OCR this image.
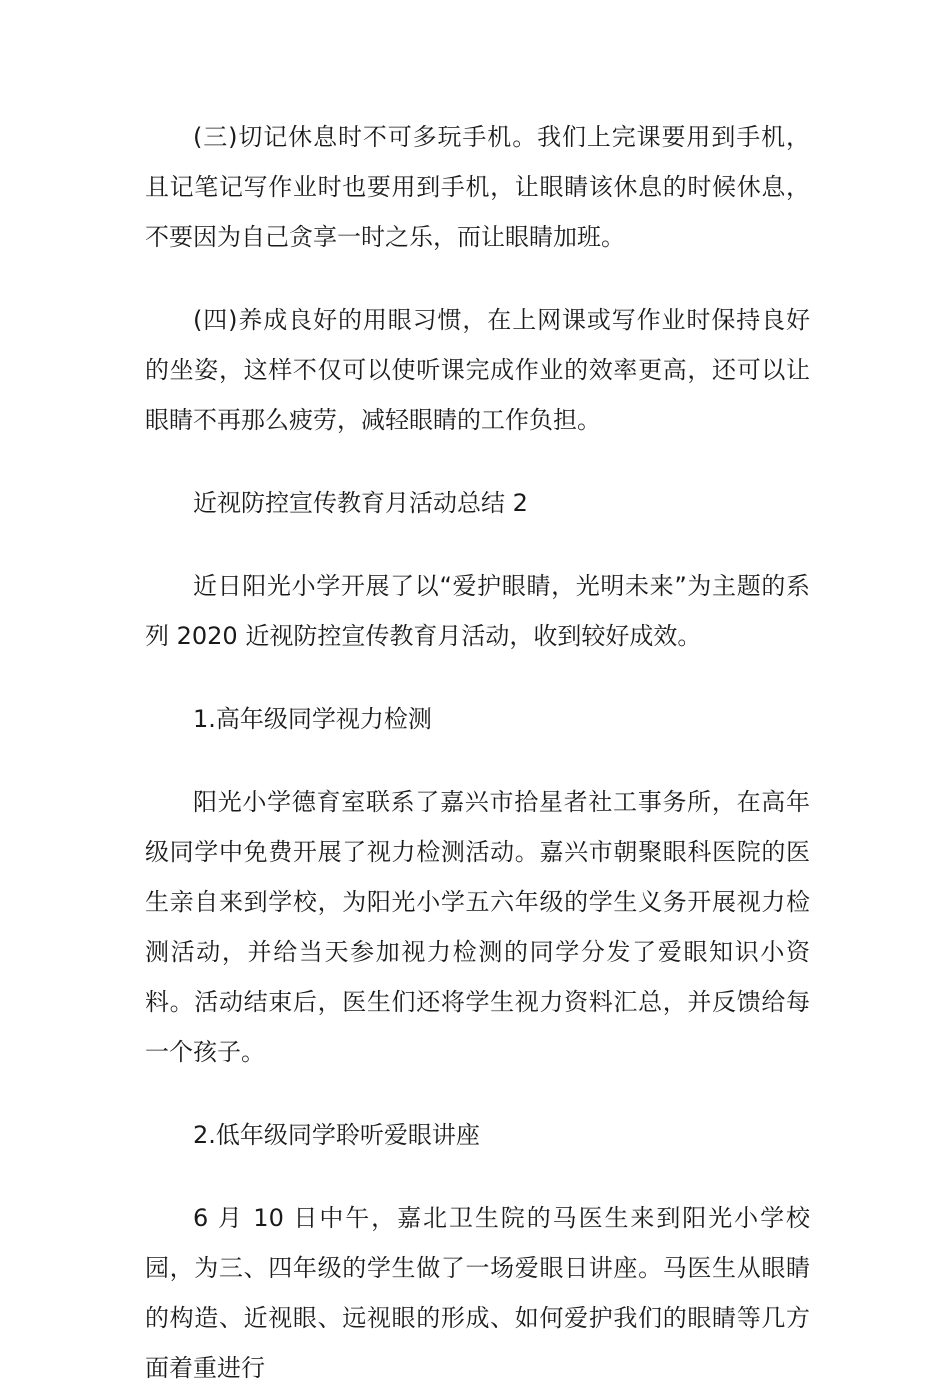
(三)切记休息时不可多玩手机。我们上完课要用到手机，且记笔记写作业时也要用到手机，让眼睛该休息的时候休息，不要因为自己贪享一时之乐，而让眼睛加班。

(四)养成良好的用眼习惯，在上网课或写作业时保持良好的坐姿，这样不仅可以使听课完成作业的效率更高，还可以让眼睛不再那么疲劳，减轻眼睛的工作负担。

近视防控宣传教育月活动总结 2

近日阳光小学开展了以“爱护眼睛，光明未来”为主题的系列 2020 近视防控宣传教育月活动，收到较好成效。

1.高年级同学视力检测

阳光小学德育室联系了嘉兴市拾星者社工事务所，在高年级同学中免费开展了视力检测活动。嘉兴市朝聚眼科医院的医生亲自来到学校，为阳光小学五六年级的学生义务开展视力检测活动，并给当天参加视力检测的同学分发了爱眼知识小资料。活动结束后，医生们还将学生视力资料汇总，并反馈给每一个孩子。

2.低年级同学聆听爱眼讲座

6 月 10 日中午，嘉北卫生院的马医生来到阳光小学校园，为三、四年级的学生做了一场爱眼日讲座。马医生从眼睛的构造、近视眼、远视眼的形成、如何爱护我们的眼睛等几方面着重进行
